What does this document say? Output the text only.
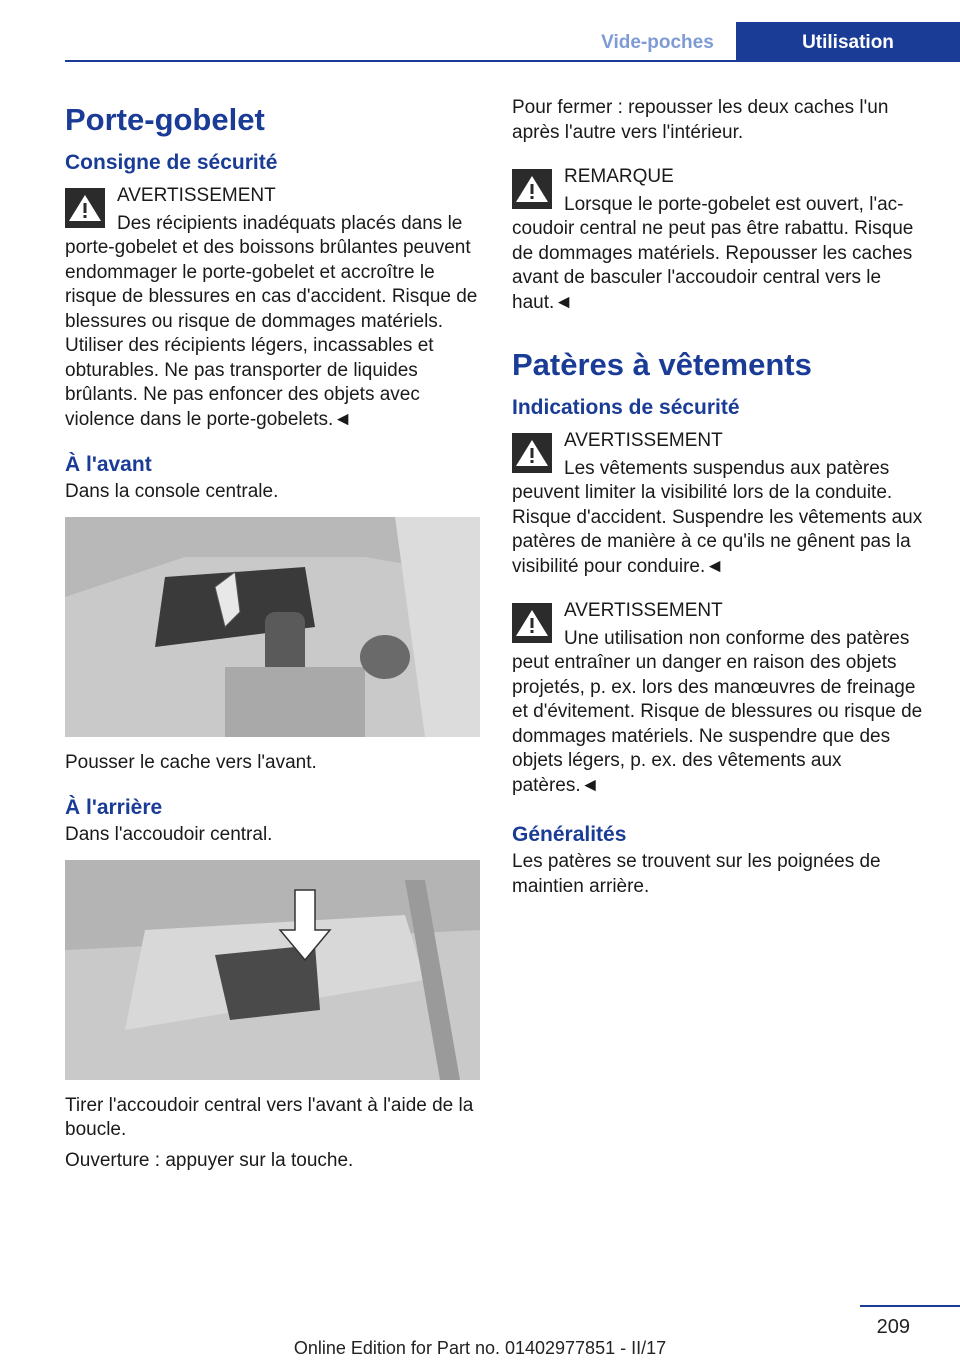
Vide-poches	Utilisation
Porte-gobelet
Consigne de sécurité
AVERTISSEMENT
Des récipients inadéquats placés dans le porte-gobelet et des boissons brûlantes peuvent endommager le porte-gobelet et accroître le risque de blessures en cas d'accident. Risque de blessures ou risque de dommages matériels. Utiliser des récipients légers, incassables et obturables. Ne pas transporter de liquides brûlants. Ne pas enfoncer des objets avec violence dans le porte-gobelets.◄
À l'avant

Dans la console centrale.

Pousser le cache vers l'avant.

À l'arrière

Dans l'accoudoir central.

Tirer l'accoudoir central vers l'avant à l'aide de la boucle.

Ouverture : appuyer sur la touche.

Pour fermer : repousser les deux caches l'un après l'autre vers l'intérieur.

REMARQUE
Lorsque le porte-gobelet est ouvert, l'accoudoir central ne peut pas être rabattu. Risque de dommages matériels. Repousser les caches avant de basculer l'accoudoir central vers le haut.◄
Patères à vêtements
Indications de sécurité
AVERTISSEMENT
Les vêtements suspendus aux patères peuvent limiter la visibilité lors de la conduite. Risque d'accident. Suspendre les vêtements aux patères de manière à ce qu'ils ne gênent pas la visibilité pour conduire.◄
AVERTISSEMENT
Une utilisation non conforme des patères peut entraîner un danger en raison des objets projetés, p. ex. lors des manœuvres de freinage et d'évitement. Risque de blessures ou risque de dommages matériels. Ne suspendre que des objets légers, p. ex. des vêtements aux patères.◄
Généralités

Les patères se trouvent sur les poignées de maintien arrière.

209
Online Edition for Part no. 01402977851 - II/17
